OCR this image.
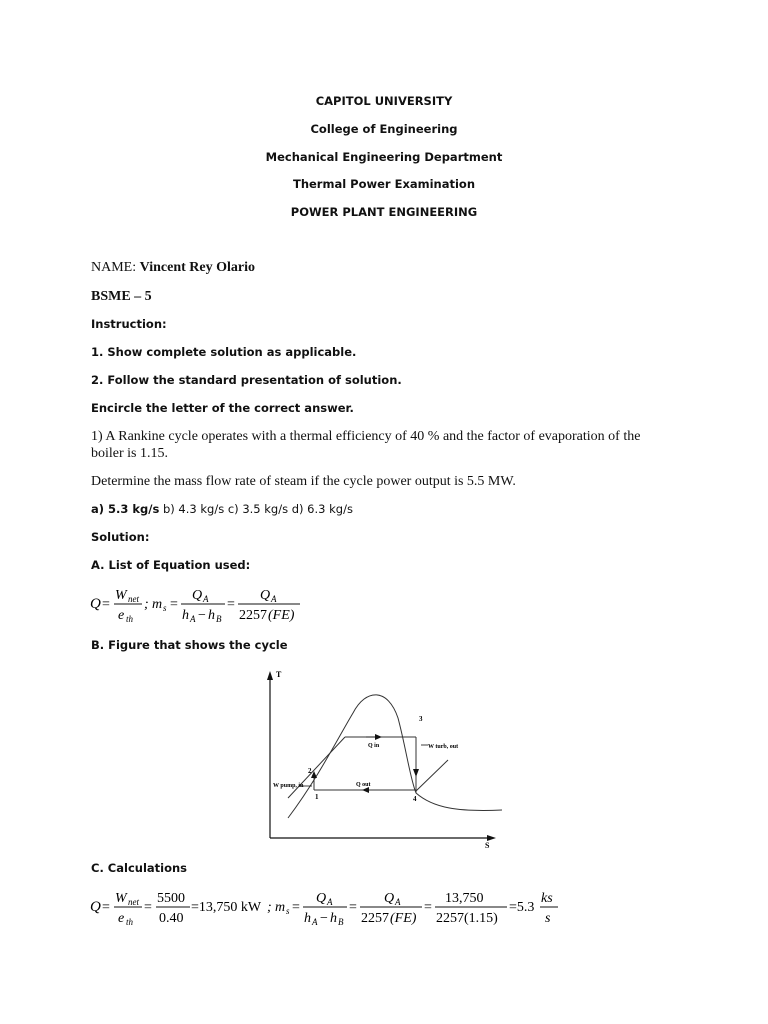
CAPITOL UNIVERSITY
College of Engineering
Mechanical Engineering Department
Thermal Power Examination
POWER PLANT ENGINEERING
NAME: Vincent Rey Olario
BSME – 5
Instruction:
1. Show complete solution as applicable.
2. Follow the standard presentation of solution.
Encircle the letter of the correct answer.
1) A Rankine cycle operates with a thermal efficiency of 40 % and the factor of evaporation of the boiler is 1.15.
Determine the mass flow rate of steam if the cycle power output is 5.5 MW.
a) 5.3 kg/s b) 4.3 kg/s c) 3.5 kg/s d) 6.3 kg/s
Solution:
A. List of Equation used:
Q =
W net
e th
; m s =
Q A
h A − h B
=
Q A
2257 (FE)
B. Figure that shows the cycle
T
S
2
1
3
4
Q in
Q out
W turb, out
W pump, in
C. Calculations
Q =
W net
e th
=
5500
0.40
=13,750 kW ; m s =
Q A
h A − h B
=
Q A
2257 (FE)
=
13,750
2257(1.15)
=5.3
ks
s
